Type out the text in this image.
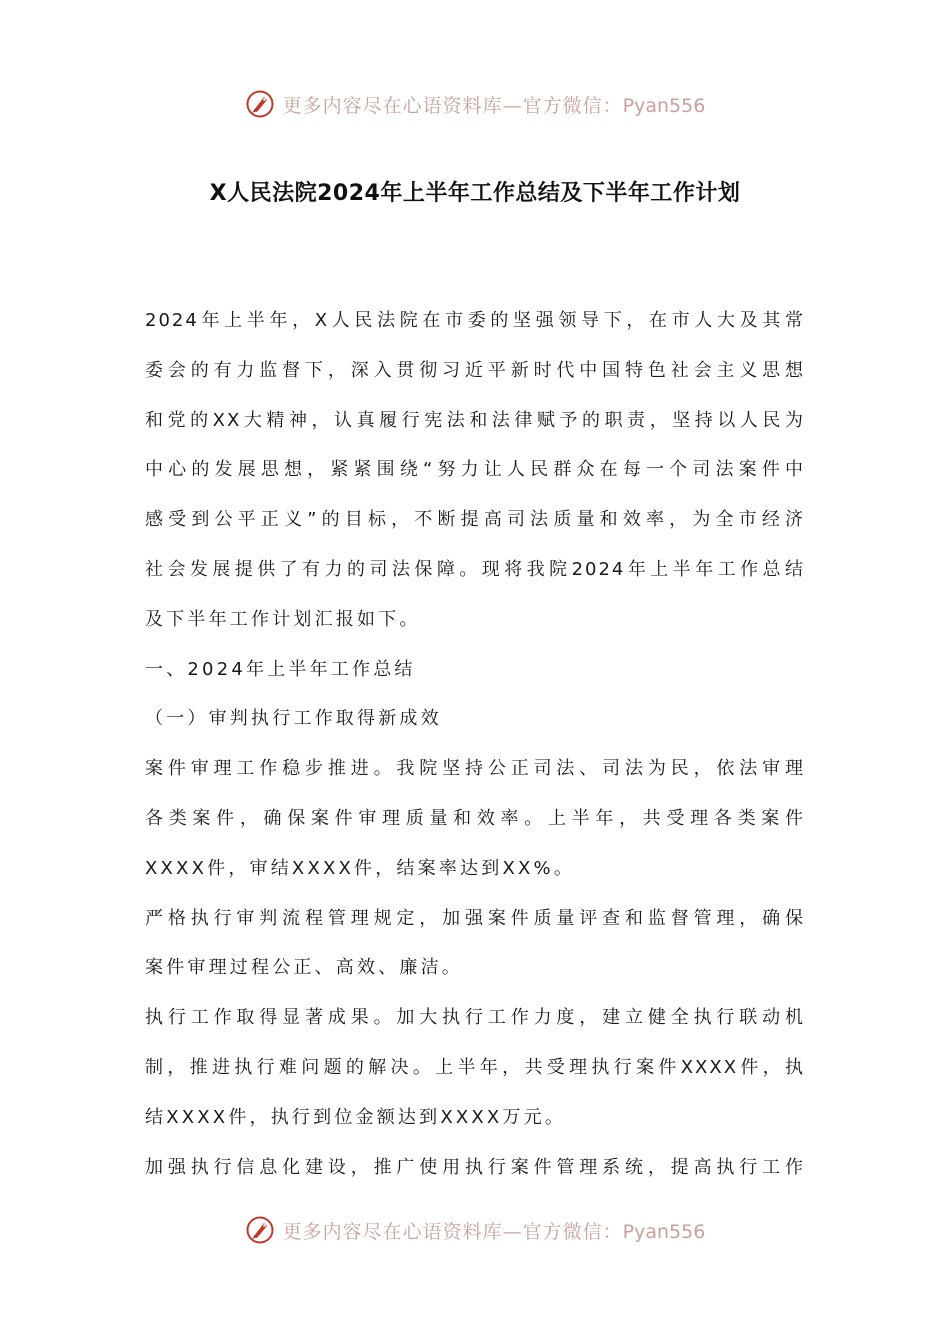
更多内容尽在心语资料库—官方微信：Pyan556
X人民法院2024年上半年工作总结及下半年工作计划
2024年上半年，X人民法院在市委的坚强领导下，在市人大及其常
委会的有力监督下，深入贯彻习近平新时代中国特色社会主义思想
和党的XX大精神，认真履行宪法和法律赋予的职责，坚持以人民为
中心的发展思想，紧紧围绕“努力让人民群众在每一个司法案件中
感受到公平正义”的目标，不断提高司法质量和效率，为全市经济
社会发展提供了有力的司法保障。现将我院2024年上半年工作总结
及下半年工作计划汇报如下。
一、2024年上半年工作总结
（一）审判执行工作取得新成效
案件审理工作稳步推进。我院坚持公正司法、司法为民，依法审理
各类案件，确保案件审理质量和效率。上半年，共受理各类案件
XXXX件，审结XXXX件，结案率达到XX%。
严格执行审判流程管理规定，加强案件质量评查和监督管理，确保
案件审理过程公正、高效、廉洁。
执行工作取得显著成果。加大执行工作力度，建立健全执行联动机
制，推进执行难问题的解决。上半年，共受理执行案件XXXX件，执
结XXXX件，执行到位金额达到XXXX万元。
加强执行信息化建设，推广使用执行案件管理系统，提高执行工作
更多内容尽在心语资料库—官方微信：Pyan556
